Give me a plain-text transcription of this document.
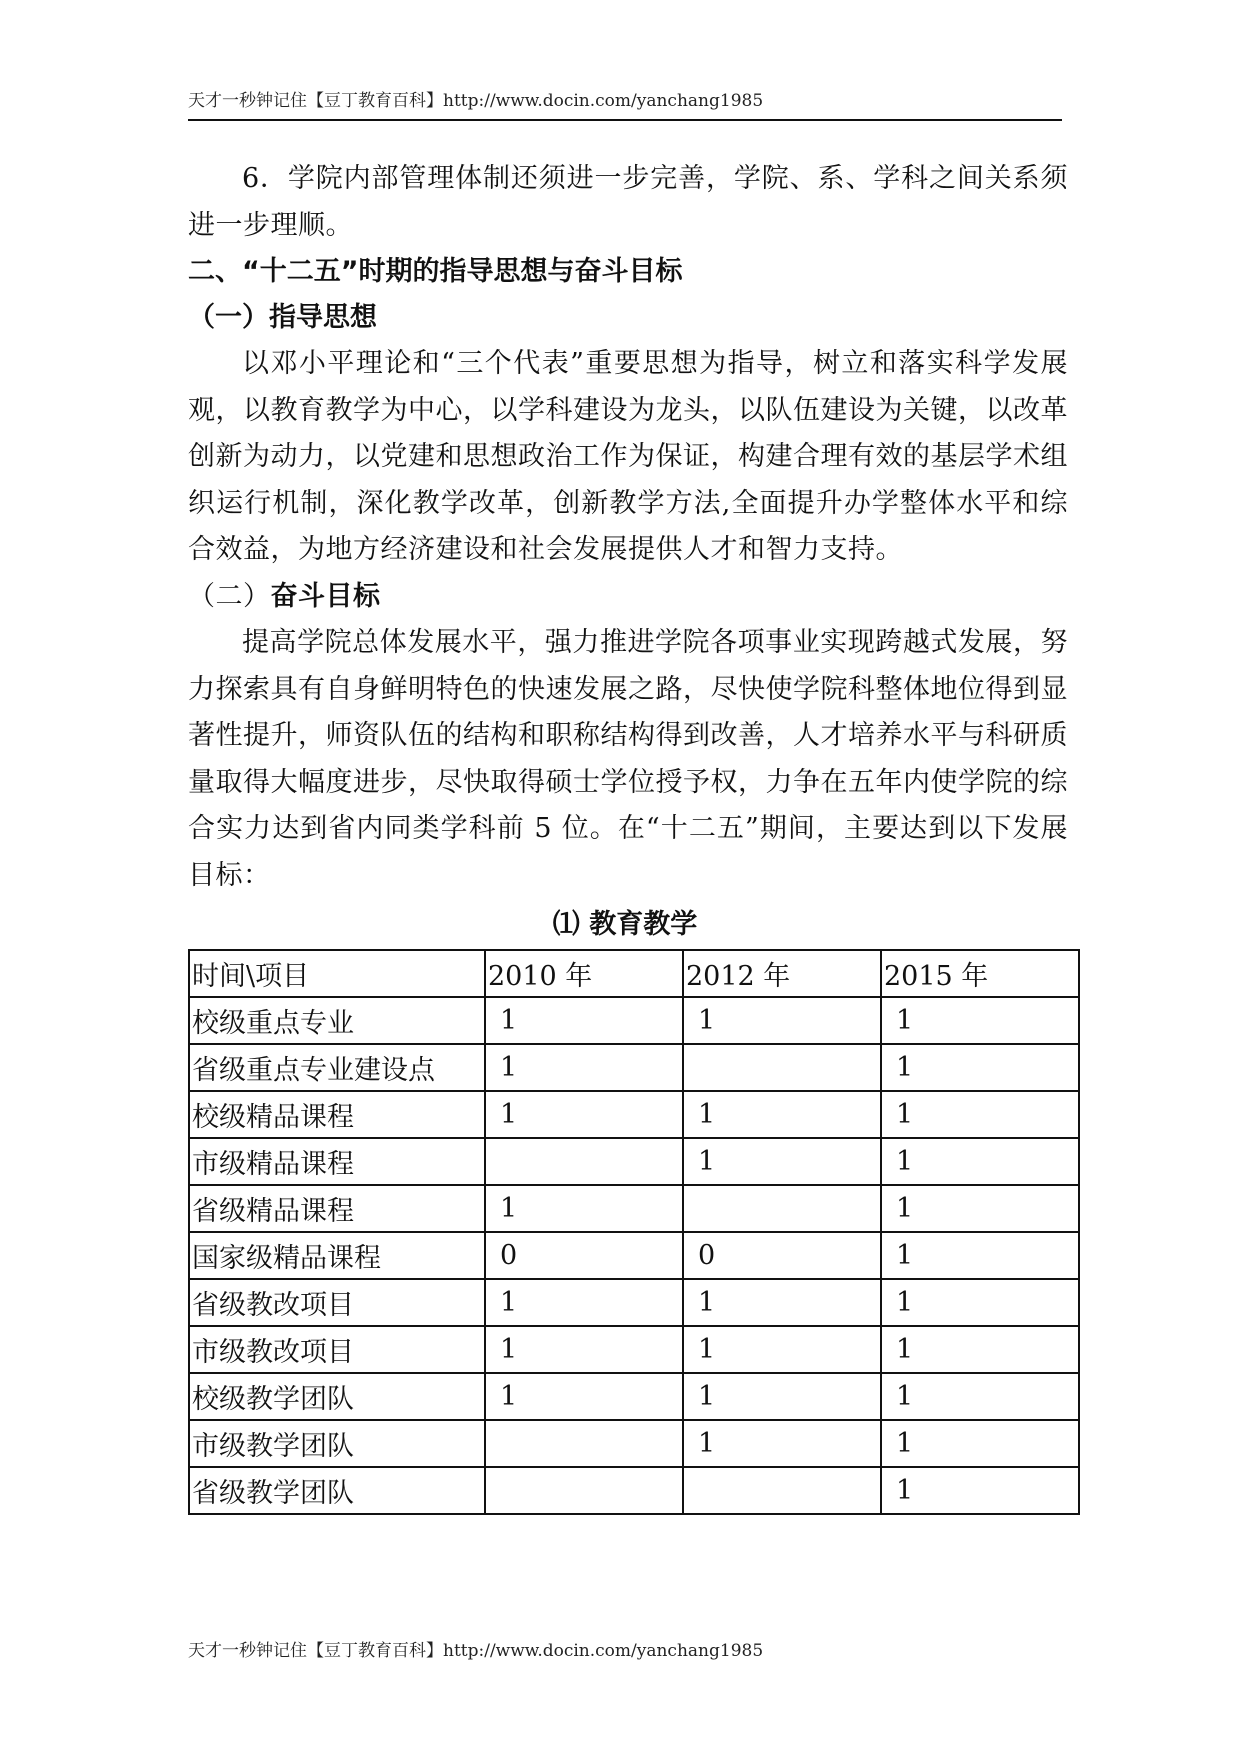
天才一秒钟记住【豆丁教育百科】http://www.docin.com/yanchang1985

6．学院内部管理体制还须进一步完善，学院、系、学科之间关系须进一步理顺。

二、“十二五”时期的指导思想与奋斗目标

（一）指导思想

以邓小平理论和“三个代表”重要思想为指导，树立和落实科学发展观，以教育教学为中心，以学科建设为龙头，以队伍建设为关键，以改革创新为动力，以党建和思想政治工作为保证，构建合理有效的基层学术组织运行机制，深化教学改革，创新教学方法,全面提升办学整体水平和综合效益，为地方经济建设和社会发展提供人才和智力支持。

（二）奋斗目标

提高学院总体发展水平，强力推进学院各项事业实现跨越式发展，努力探索具有自身鲜明特色的快速发展之路，尽快使学院科整体地位得到显著性提升，师资队伍的结构和职称结构得到改善，人才培养水平与科研质量取得大幅度进步，尽快取得硕士学位授予权，力争在五年内使学院的综合实力达到省内同类学科前 5 位。在“十二五”期间，主要达到以下发展目标：

⑴ 教育教学
时间\项目	2010 年	2012 年	2015 年
校级重点专业	1	1	1
省级重点专业建设点	1		1
校级精品课程	1	1	1
市级精品课程		1	1
省级精品课程	1		1
国家级精品课程	0	0	1
省级教改项目	1	1	1
市级教改项目	1	1	1
校级教学团队	1	1	1
市级教学团队		1	1
省级教学团队			1
天才一秒钟记住【豆丁教育百科】http://www.docin.com/yanchang1985
